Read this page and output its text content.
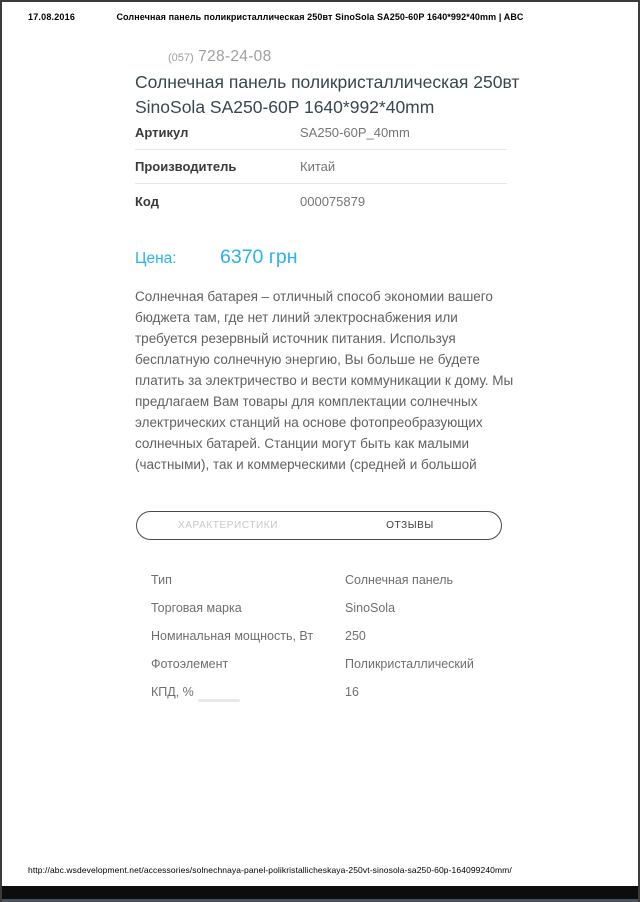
17.08.2016	Солнечная панель поликристаллическая 250вт SinoSola SA250-60P 1640*992*40mm | ABC
(057) 728-24-08
Солнечная панель поликристаллическая 250вт
SinoSola SA250-60P 1640*992*40mm
Артикул	SA250-60P_40mm
Производитель	Китай
Код	000075879
Цена:	6370 грн

Солнечная батарея – отличный способ экономии вашего бюджета там, где нет линий электроснабжения или требуется резервный источник питания. Используя бесплатную солнечную энергию, Вы больше не будете платить за электричество и вести коммуникации к дому. Мы предлагаем Вам товары для комплектации солнечных электрических станций на основе фотопреобразующих солнечных батарей. Станции могут быть как малыми (частными), так и коммерческими (средней и большой

ХАРАКТЕРИСТИКИ	ОТЗЫВЫ
Тип	Солнечная панель
Торговая марка	SinoSola
Номинальная мощность, Вт	250
Фотоэлемент	Поликристаллический
КПД, %	16
http://abc.wsdevelopment.net/accessories/solnechnaya-panel-polikristallicheskaya-250vt-sinosola-sa250-60p-164099240mm/
